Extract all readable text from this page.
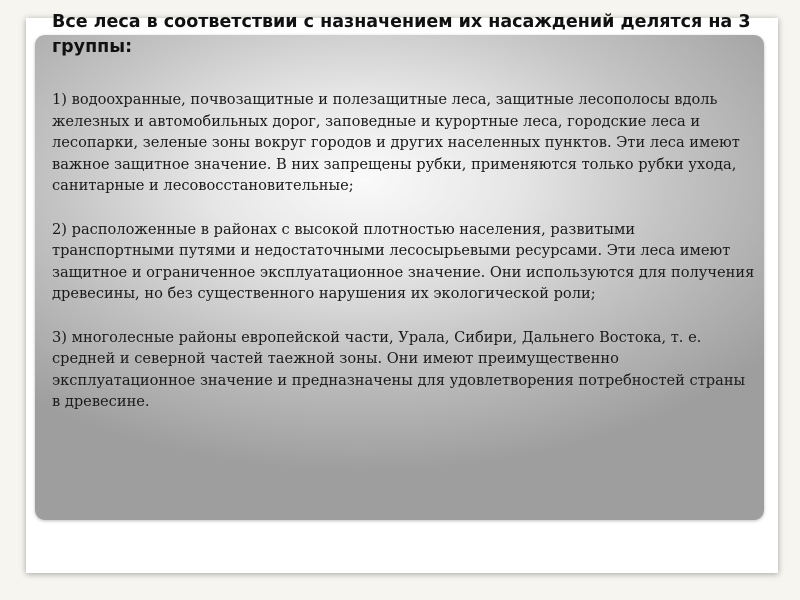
Все леса в соответствии с назначением их насаждений делятся на 3 группы:

1) водоохранные, почвозащитные и полезащитные леса, защитные лесополосы вдоль железных и автомобильных дорог, заповедные и курортные леса, городские леса и лесопарки, зеленые зоны вокруг городов и других населенных пунктов. Эти леса имеют важное защитное значение. В них запрещены рубки, применяются только рубки ухода, санитарные и лесовосстановительные;

2) расположенные в районах с высокой плотностью населения, развитыми транспортными путями и недостаточными лесосырьевыми ресурсами. Эти леса имеют защитное и ограниченное эксплуатационное значение. Они используются для получения древесины, но без существенного нарушения их экологической роли;

3) многолесные районы европейской части, Урала, Сибири, Дальнего Востока, т. е. средней и северной частей таежной зоны. Они имеют преимущественно эксплуатационное значение и предназначены для удовлетворения потребностей страны в древесине.
